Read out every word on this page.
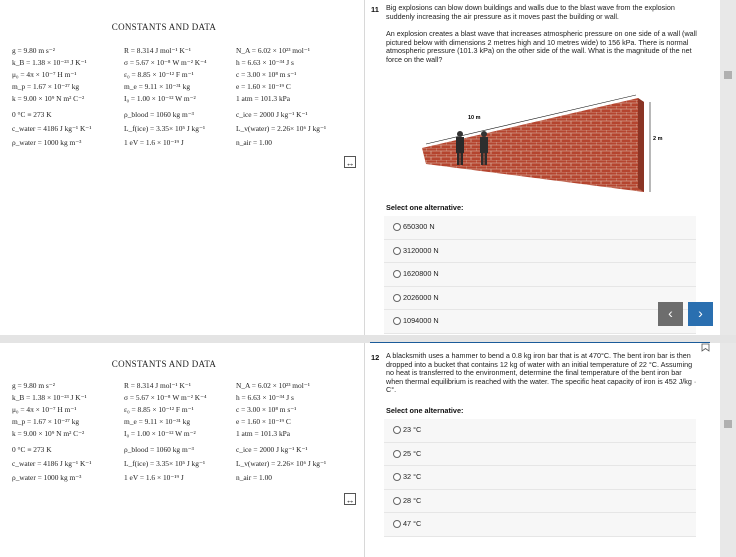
CONSTANTS AND DATA
g = 9.80 m s⁻²
k_B = 1.38 × 10⁻²³ J K⁻¹
μ₀ = 4π × 10⁻⁷ H m⁻¹
m_p = 1.67 × 10⁻²⁷ kg
k = 9.00 × 10⁹ N m² C⁻²
0 °C ≡ 273 K
c_water = 4186 J kg⁻¹ K⁻¹
ρ_water = 1000 kg m⁻³
R = 8.314 J mol⁻¹ K⁻¹
σ = 5.67 × 10⁻⁸ W m⁻² K⁻⁴
ε₀ = 8.85 × 10⁻¹² F m⁻¹
m_e = 9.11 × 10⁻³¹ kg
I₀ = 1.00 × 10⁻¹² W m⁻²
ρ_blood = 1060 kg m⁻³
L_f(ice) = 3.35× 10⁵ J kg⁻¹
1 eV = 1.6 × 10⁻¹⁹ J
N_A = 6.02 × 10²³ mol⁻¹
h = 6.63 × 10⁻³⁴ J s
c = 3.00 × 10⁸ m s⁻¹
e = 1.60 × 10⁻¹⁹ C
1 atm = 101.3 kPa
c_ice = 2000 J kg⁻¹ K⁻¹
L_v(water) = 2.26× 10⁶ J kg⁻¹
n_air = 1.00
↔
11 Big explosions can blow down buildings and walls due to the blast wave from the explosion suddenly increasing the air pressure as it moves past the building or wall.
An explosion creates a blast wave that increases atmospheric pressure on one side of a wall (wall pictured below with dimensions 2 metres high and 10 metres wide) to 156 kPa. There is normal atmospheric pressure (101.3 kPa) on the other side of the wall. What is the magnitude of the net force on the wall?
10 m
2 m
Select one alternative:
650300 N
3120000 N
1620800 N
2026000 N
1094000 N	‹	›
CONSTANTS AND DATA
g = 9.80 m s⁻²
k_B = 1.38 × 10⁻²³ J K⁻¹
μ₀ = 4π × 10⁻⁷ H m⁻¹
m_p = 1.67 × 10⁻²⁷ kg
k = 9.00 × 10⁹ N m² C⁻²
0 °C ≡ 273 K
c_water = 4186 J kg⁻¹ K⁻¹
ρ_water = 1000 kg m⁻³
R = 8.314 J mol⁻¹ K⁻¹
σ = 5.67 × 10⁻⁸ W m⁻² K⁻⁴
ε₀ = 8.85 × 10⁻¹² F m⁻¹
m_e = 9.11 × 10⁻³¹ kg
I₀ = 1.00 × 10⁻¹² W m⁻²
ρ_blood = 1060 kg m⁻³
L_f(ice) = 3.35× 10⁵ J kg⁻¹
1 eV = 1.6 × 10⁻¹⁹ J
N_A = 6.02 × 10²³ mol⁻¹
h = 6.63 × 10⁻³⁴ J s
c = 3.00 × 10⁸ m s⁻¹
e = 1.60 × 10⁻¹⁹ C
1 atm = 101.3 kPa
c_ice = 2000 J kg⁻¹ K⁻¹
L_v(water) = 2.26× 10⁶ J kg⁻¹
n_air = 1.00
↔
12 A blacksmith uses a hammer to bend a 0.8 kg iron bar that is at 470°C. The bent iron bar is then dropped into a bucket that contains 12 kg of water with an initial temperature of 22 °C. Assuming no heat is transferred to the environment, determine the final temperature of the bent iron bar when thermal equilibrium is reached with the water. The specific heat capacity of iron is 452 J/kg · C°.
Select one alternative:
23 °C
25 °C
32 °C
28 °C
47 °C
